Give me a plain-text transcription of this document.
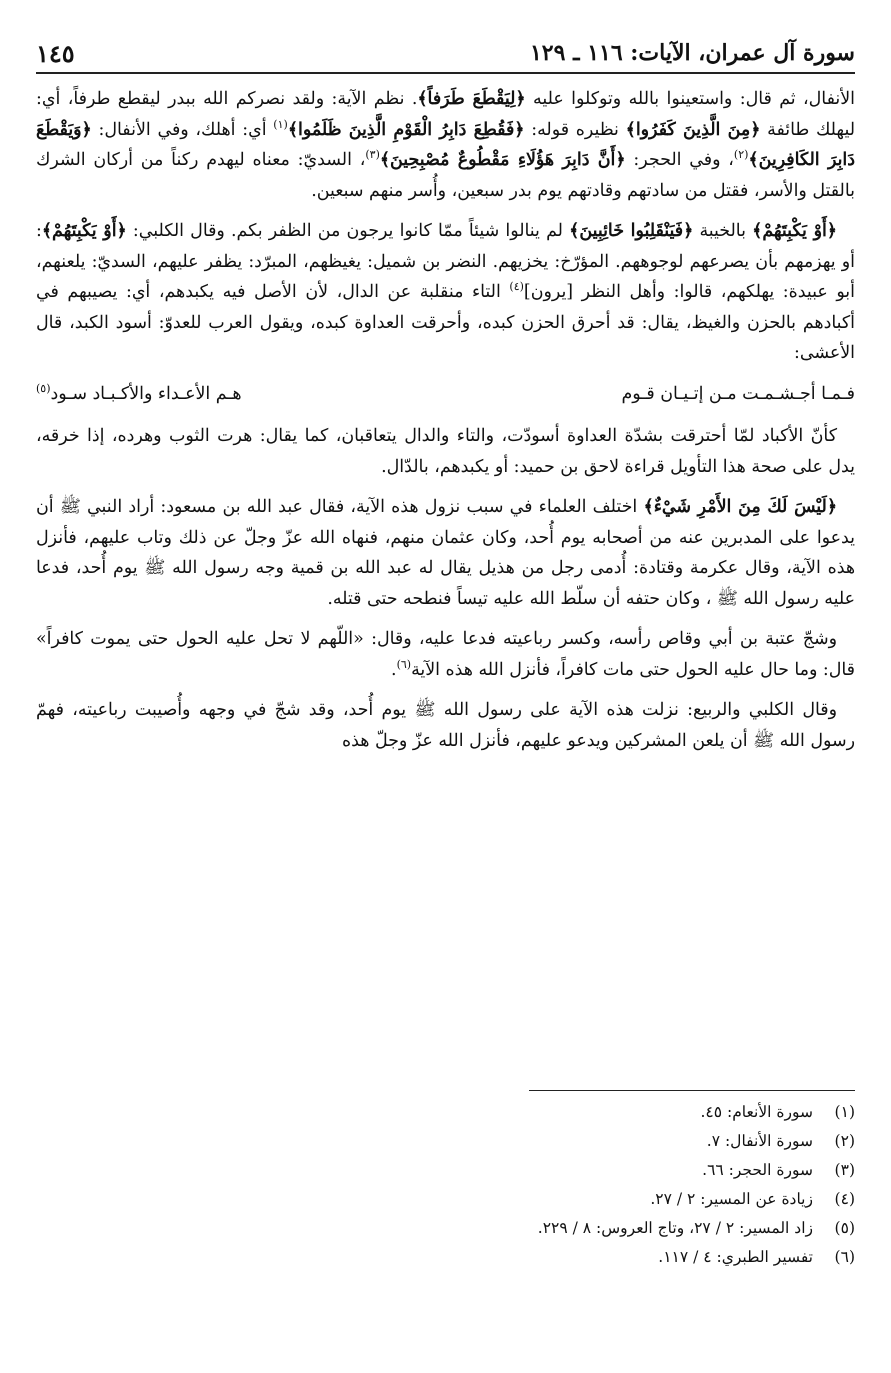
سورة آل عمران، الآيات: ١١٦ ـ ١٢٩
١٤٥

الأنفال، ثم قال: واستعينوا بالله وتوكلوا عليه ﴿لِيَقْطَعَ طَرَفاً﴾. نظم الآية: ولقد نصركم الله ببدر ليقطع طرفاً، أي: ليهلك طائفة ﴿مِنَ الَّذِينَ كَفَرُوا﴾ نظيره قوله: ﴿فَقُطِعَ دَابِرُ الْقَوْمِ الَّذِينَ ظَلَمُوا﴾$^{(١)}$ أي: أهلك، وفي الأنفال: ﴿وَيَقْطَعَ دَابِرَ الكَافِرِينَ﴾$^{(٢)}$، وفي الحجر: ﴿أَنَّ دَابِرَ هَؤُلَاءِ مَقْطُوعٌ مُصْبِحِينَ﴾$^{(٣)}$، السديّ: معناه ليهدم ركناً من أركان الشرك بالقتل والأسر، فقتل من سادتهم وقادتهم يوم بدر سبعين، وأُسر منهم سبعين.

﴿أَوْ يَكْبِتَهُمْ﴾ بالخيبة ﴿فَيَنْقَلِبُوا خَائِبِينَ﴾ لم ينالوا شيئاً ممّا كانوا يرجون من الظفر بكم. وقال الكلبي: ﴿أَوْ يَكْبِتَهُمْ﴾: أو يهزمهم بأن يصرعهم لوجوههم. المؤرّخ: يخزيهم. النضر بن شميل: يغيظهم، المبرّد: يظفر عليهم، السديّ: يلعنهم، أبو عبيدة: يهلكهم، قالوا: وأهل النظر [يرون]$^{(٤)}$ التاء منقلبة عن الدال، لأن الأصل فيه يكبدهم، أي: يصيبهم في أكبادهم بالحزن والغيظ، يقال: قد أحرق الحزن كبده، وأحرقت العداوة كبده، ويقول العرب للعدوّ: أسود الكبد، قال الأعشى:

فـمـا أجـشـمـت مـن إتـيـان قـوم
هـم الأعـداء والأكـبـاد سـود$^{(٥)}$

كأنّ الأكباد لمّا أحترقت بشدّة العداوة أسودّت، والتاء والدال يتعاقبان، كما يقال: هرت الثوب وهرده، إذا خرقه، يدل على صحة هذا التأويل قراءة لاحق بن حميد: أو يكبدهم، بالدّال.

﴿لَيْسَ لَكَ مِنَ الأَمْرِ شَيْءٌ﴾ اختلف العلماء في سبب نزول هذه الآية، فقال عبد الله بن مسعود: أراد النبي ﷺ أن يدعوا على المدبرين عنه من أصحابه يوم أُحد، وكان عثمان منهم، فنهاه الله عزّ وجلّ عن ذلك وتاب عليهم، فأنزل هذه الآية، وقال عكرمة وقتادة: أُدمى رجل من هذيل يقال له عبد الله بن قمية وجه رسول الله ﷺ يوم أُحد، فدعا عليه رسول الله ﷺ ، وكان حتفه أن سلّط الله عليه تيساً فنطحه حتى قتله.

وشجّ عتبة بن أبي وقاص رأسه، وكسر رباعيته فدعا عليه، وقال: «اللّهم لا تحل عليه الحول حتى يموت كافراً» قال: وما حال عليه الحول حتى مات كافراً، فأنزل الله هذه الآية$^{(٦)}$.

وقال الكلبي والربيع: نزلت هذه الآية على رسول الله ﷺ يوم أُحد، وقد شجّ في وجهه وأُصيبت رباعيته، فهمّ رسول الله ﷺ أن يلعن المشركين ويدعو عليهم، فأنزل الله عزّ وجلّ هذه

(١)
سورة الأنعام: ٤٥.
(٢)
سورة الأنفال: ٧.
(٣)
سورة الحجر: ٦٦.
(٤)
زيادة عن المسير: ٢ / ٢٧.
(٥)
زاد المسير: ٢ / ٢٧، وتاج العروس: ٨ / ٢٢٩.
(٦)
تفسير الطبري: ٤ / ١١٧.
